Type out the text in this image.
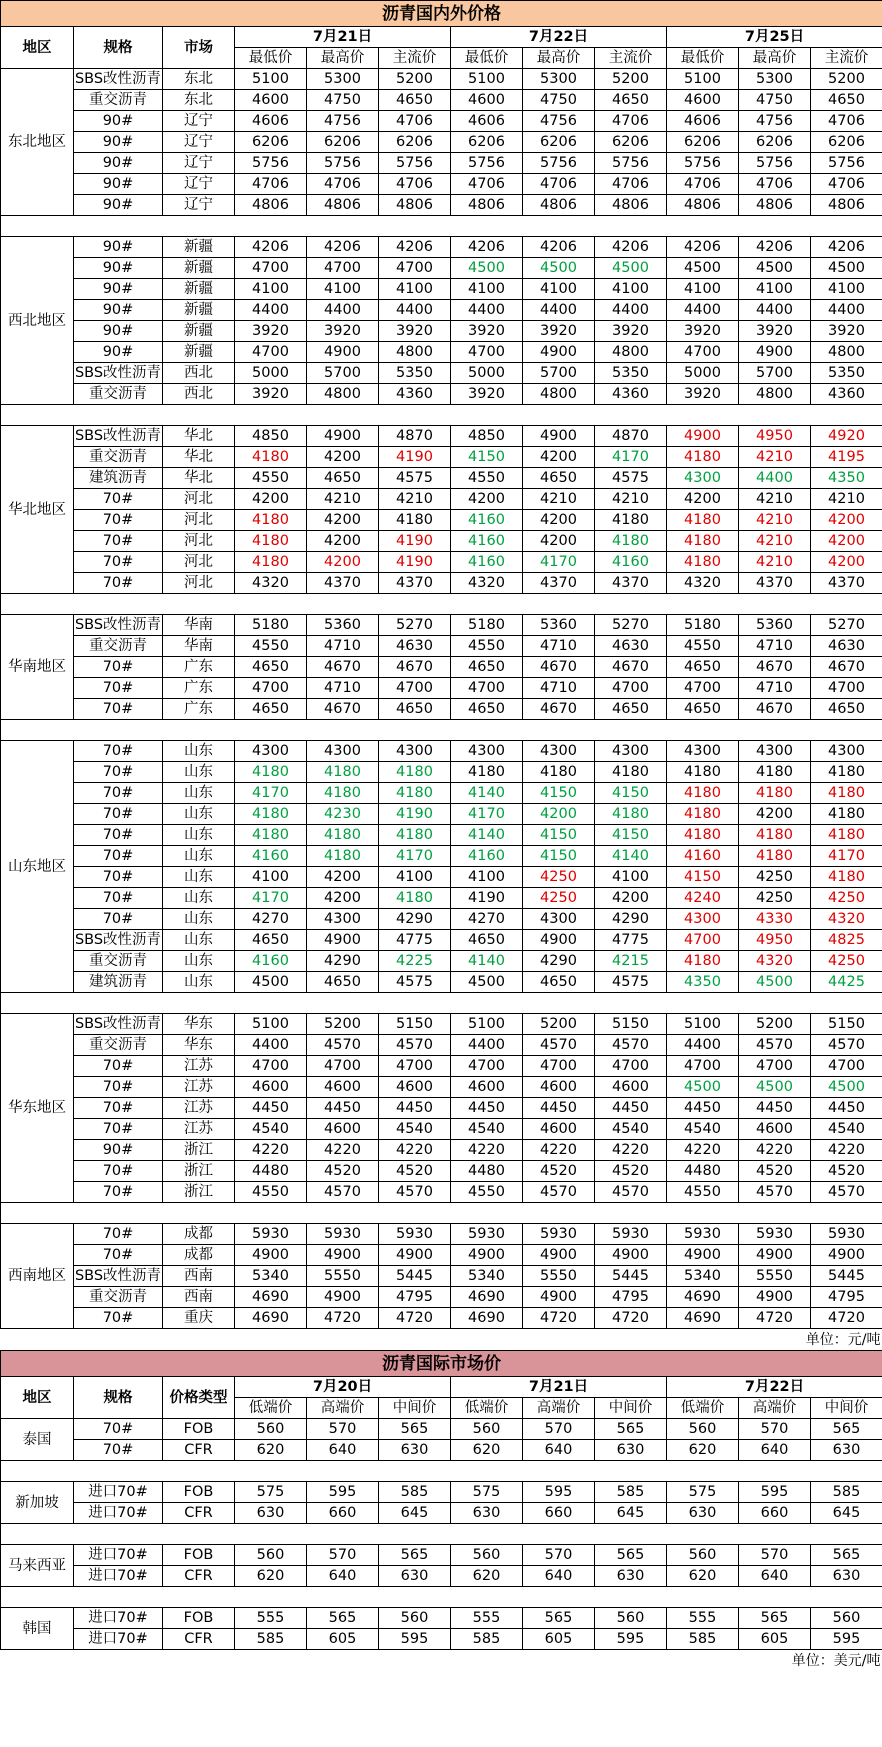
沥青国内外价格											
地区	规格	市场	7月21日			7月22日			7月25日		
			最低价	最高价	主流价	最低价	最高价	主流价	最低价	最高价	主流价
东北地区	SBS改性沥青	东北	5100	5300	5200	5100	5300	5200	5100	5300	5200
	重交沥青	东北	4600	4750	4650	4600	4750	4650	4600	4750	4650
	90#	辽宁	4606	4756	4706	4606	4756	4706	4606	4756	4706
	90#	辽宁	6206	6206	6206	6206	6206	6206	6206	6206	6206
	90#	辽宁	5756	5756	5756	5756	5756	5756	5756	5756	5756
	90#	辽宁	4706	4706	4706	4706	4706	4706	4706	4706	4706
	90#	辽宁	4806	4806	4806	4806	4806	4806	4806	4806	4806

西北地区	90#	新疆	4206	4206	4206	4206	4206	4206	4206	4206	4206
	90#	新疆	4700	4700	4700	4500	4500	4500	4500	4500	4500
	90#	新疆	4100	4100	4100	4100	4100	4100	4100	4100	4100
	90#	新疆	4400	4400	4400	4400	4400	4400	4400	4400	4400
	90#	新疆	3920	3920	3920	3920	3920	3920	3920	3920	3920
	90#	新疆	4700	4900	4800	4700	4900	4800	4700	4900	4800
	SBS改性沥青	西北	5000	5700	5350	5000	5700	5350	5000	5700	5350
	重交沥青	西北	3920	4800	4360	3920	4800	4360	3920	4800	4360

华北地区	SBS改性沥青	华北	4850	4900	4870	4850	4900	4870	4900	4950	4920
	重交沥青	华北	4180	4200	4190	4150	4200	4170	4180	4210	4195
	建筑沥青	华北	4550	4650	4575	4550	4650	4575	4300	4400	4350
	70#	河北	4200	4210	4210	4200	4210	4210	4200	4210	4210
	70#	河北	4180	4200	4180	4160	4200	4180	4180	4210	4200
	70#	河北	4180	4200	4190	4160	4200	4180	4180	4210	4200
	70#	河北	4180	4200	4190	4160	4170	4160	4180	4210	4200
	70#	河北	4320	4370	4370	4320	4370	4370	4320	4370	4370

华南地区	SBS改性沥青	华南	5180	5360	5270	5180	5360	5270	5180	5360	5270
	重交沥青	华南	4550	4710	4630	4550	4710	4630	4550	4710	4630
	70#	广东	4650	4670	4670	4650	4670	4670	4650	4670	4670
	70#	广东	4700	4710	4700	4700	4710	4700	4700	4710	4700
	70#	广东	4650	4670	4650	4650	4670	4650	4650	4670	4650

山东地区	70#	山东	4300	4300	4300	4300	4300	4300	4300	4300	4300
	70#	山东	4180	4180	4180	4180	4180	4180	4180	4180	4180
	70#	山东	4170	4180	4180	4140	4150	4150	4180	4180	4180
	70#	山东	4180	4230	4190	4170	4200	4180	4180	4200	4180
	70#	山东	4180	4180	4180	4140	4150	4150	4180	4180	4180
	70#	山东	4160	4180	4170	4160	4150	4140	4160	4180	4170
	70#	山东	4100	4200	4100	4100	4250	4100	4150	4250	4180
	70#	山东	4170	4200	4180	4190	4250	4200	4240	4250	4250
	70#	山东	4270	4300	4290	4270	4300	4290	4300	4330	4320
	SBS改性沥青	山东	4650	4900	4775	4650	4900	4775	4700	4950	4825
	重交沥青	山东	4160	4290	4225	4140	4290	4215	4180	4320	4250
	建筑沥青	山东	4500	4650	4575	4500	4650	4575	4350	4500	4425

华东地区	SBS改性沥青	华东	5100	5200	5150	5100	5200	5150	5100	5200	5150
	重交沥青	华东	4400	4570	4570	4400	4570	4570	4400	4570	4570
	70#	江苏	4700	4700	4700	4700	4700	4700	4700	4700	4700
	70#	江苏	4600	4600	4600	4600	4600	4600	4500	4500	4500
	70#	江苏	4450	4450	4450	4450	4450	4450	4450	4450	4450
	70#	江苏	4540	4600	4540	4540	4600	4540	4540	4600	4540
	90#	浙江	4220	4220	4220	4220	4220	4220	4220	4220	4220
	70#	浙江	4480	4520	4520	4480	4520	4520	4480	4520	4520
	70#	浙江	4550	4570	4570	4550	4570	4570	4550	4570	4570

西南地区	70#	成都	5930	5930	5930	5930	5930	5930	5930	5930	5930
	70#	成都	4900	4900	4900	4900	4900	4900	4900	4900	4900
	SBS改性沥青	西南	5340	5550	5445	5340	5550	5445	5340	5550	5445
	重交沥青	西南	4690	4900	4795	4690	4900	4795	4690	4900	4795
	70#	重庆	4690	4720	4720	4690	4720	4720	4690	4720	4720
单位：元/吨											
沥青国际市场价											
地区	规格	价格类型	7月20日			7月21日			7月22日		
			低端价	高端价	中间价	低端价	高端价	中间价	低端价	高端价	中间价
泰国	70#	FOB	560	570	565	560	570	565	560	570	565
	70#	CFR	620	640	630	620	640	630	620	640	630

新加坡	进口70#	FOB	575	595	585	575	595	585	575	595	585
	进口70#	CFR	630	660	645	630	660	645	630	660	645

马来西亚	进口70#	FOB	560	570	565	560	570	565	560	570	565
	进口70#	CFR	620	640	630	620	640	630	620	640	630

韩国	进口70#	FOB	555	565	560	555	565	560	555	565	560
	进口70#	CFR	585	605	595	585	605	595	585	605	595
单位：美元/吨											
